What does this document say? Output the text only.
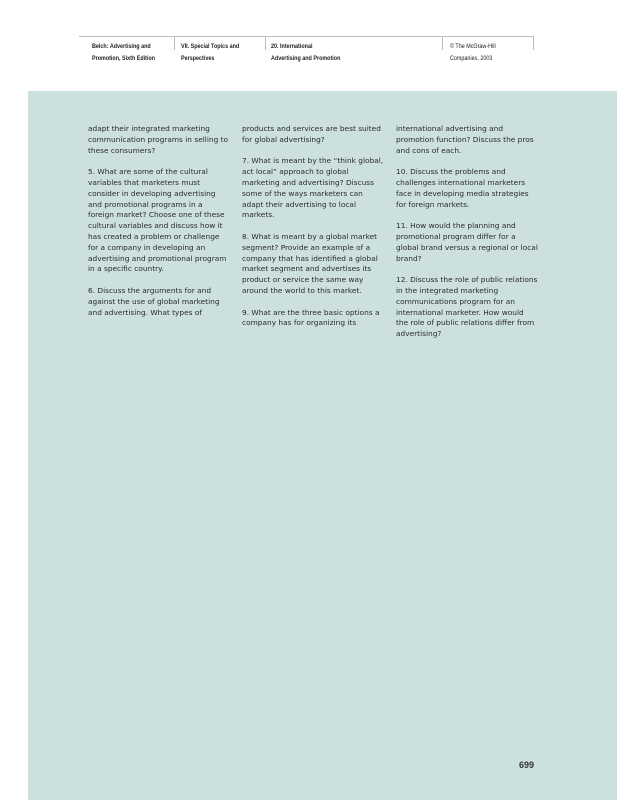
Belch: Advertising and
Promotion, Sixth Edition
VII. Special Topics and
Perspectives
20. International
Advertising and Promotion
© The McGraw-Hill
Companies, 2003

adapt their integrated marketing communication programs in selling to these consumers?

5. What are some of the cultural variables that marketers must consider in developing advertising and promotional programs in a foreign market? Choose one of these cultural variables and discuss how it has created a problem or challenge for a company in developing an advertising and promotional program in a specific country.

6. Discuss the arguments for and against the use of global marketing and advertising. What types of

products and services are best suited for global advertising?

7. What is meant by the “think global, act local” approach to global marketing and advertising? Discuss some of the ways marketers can adapt their advertising to local markets.

8. What is meant by a global market segment? Provide an example of a company that has identified a global market segment and advertises its product or service the same way around the world to this market.

9. What are the three basic options a company has for organizing its

international advertising and promotion function? Discuss the pros and cons of each.

10. Discuss the problems and challenges international marketers face in developing media strategies for foreign markets.

11. How would the planning and promotional program differ for a global brand versus a regional or local brand?

12. Discuss the role of public relations in the integrated marketing communications program for an international marketer. How would the role of public relations differ from advertising?

699
